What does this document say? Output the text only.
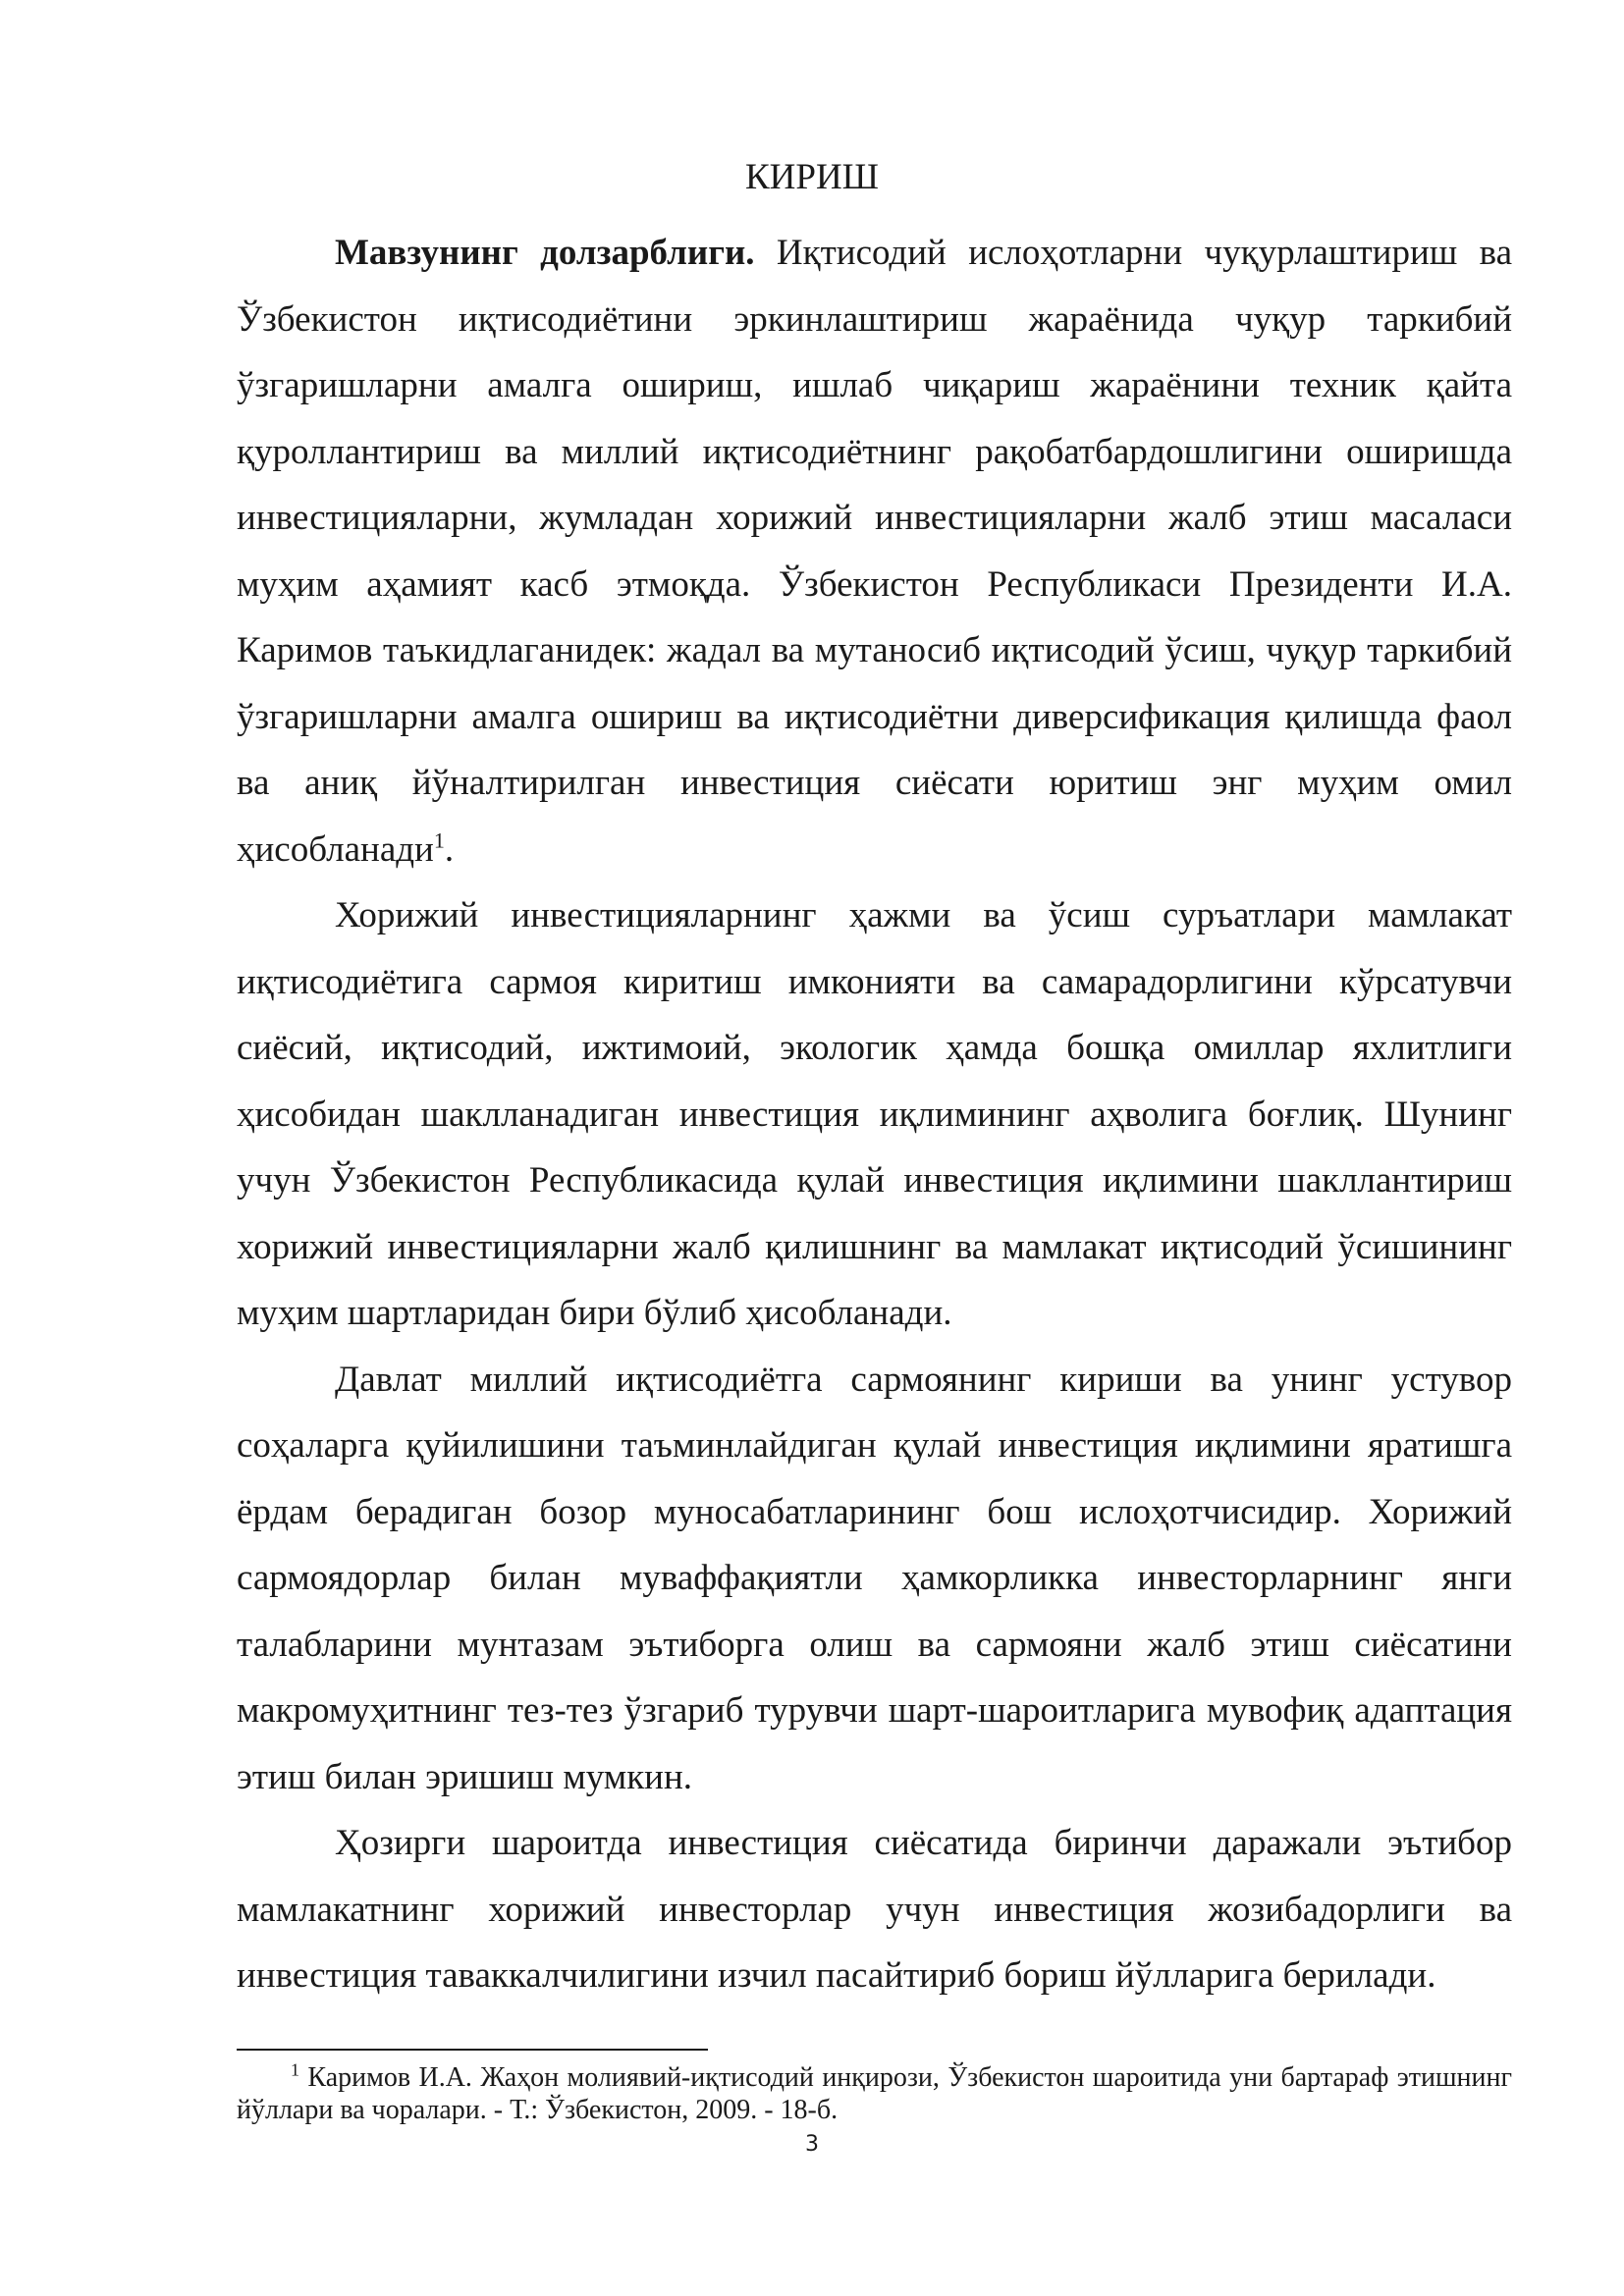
КИРИШ

Мавзунинг долзарблиги. Иқтисодий ислоҳотларни чуқурлаштириш ва Ўзбекистон иқтисодиётини эркинлаштириш жараёнида чуқур таркибий ўзгаришларни амалга ошириш, ишлаб чиқариш жараёнини техник қайта қуроллантириш ва миллий иқтисодиётнинг рақобатбардошлигини оширишда инвестицияларни, жумладан хорижий инвестицияларни жалб этиш масаласи муҳим аҳамият касб этмоқда. Ўзбекистон Республикаси Президенти И.А. Каримов таъкидлаганидек: жадал ва мутаносиб иқтисодий ўсиш, чуқур таркибий ўзгаришларни амалга ошириш ва иқтисодиётни диверсификация қилишда фаол ва аниқ йўналтирилган инвестиция сиёсати юритиш энг муҳим омил ҳисобланади$^1$.

Хорижий инвестицияларнинг ҳажми ва ўсиш суръатлари мамлакат иқтисодиётига сармоя киритиш имконияти ва самарадорлигини кўрсатувчи сиёсий, иқтисодий, ижтимоий, экологик ҳамда бошқа омиллар яхлитлиги ҳисобидан шаклланадиган инвестиция иқлимининг аҳволига боғлиқ. Шунинг учун Ўзбекистон Республикасида қулай инвестиция иқлимини шакллантириш хорижий инвестицияларни жалб қилишнинг ва мамлакат иқтисодий ўсишининг муҳим шартларидан бири бўлиб ҳисобланади.

Давлат миллий иқтисодиётга сармоянинг кириши ва унинг устувор соҳаларга қуйилишини таъминлайдиган қулай инвестиция иқлимини яратишга ёрдам берадиган бозор муносабатларининг бош ислоҳотчисидир. Хорижий сармоядорлар билан муваффақиятли ҳамкорликка инвесторларнинг янги талабларини мунтазам эътиборга олиш ва сармояни жалб этиш сиёсатини макромуҳитнинг тез-тез ўзгариб турувчи шарт-шароитларига мувофиқ адаптация этиш билан эришиш мумкин.

Ҳозирги шароитда инвестиция сиёсатида биринчи даражали эътибор мамлакатнинг хорижий инвесторлар учун инвестиция жозибадорлиги ва инвестиция таваккалчилигини изчил пасайтириб бориш йўлларига берилади.

$^1$ Каримов И.А. Жаҳон молиявий-иқтисодий инқирози, Ўзбекистон шароитида уни бартараф этишнинг йўллари ва чоралари. - Т.: Ўзбекистон, 2009. - 18-б.

3
